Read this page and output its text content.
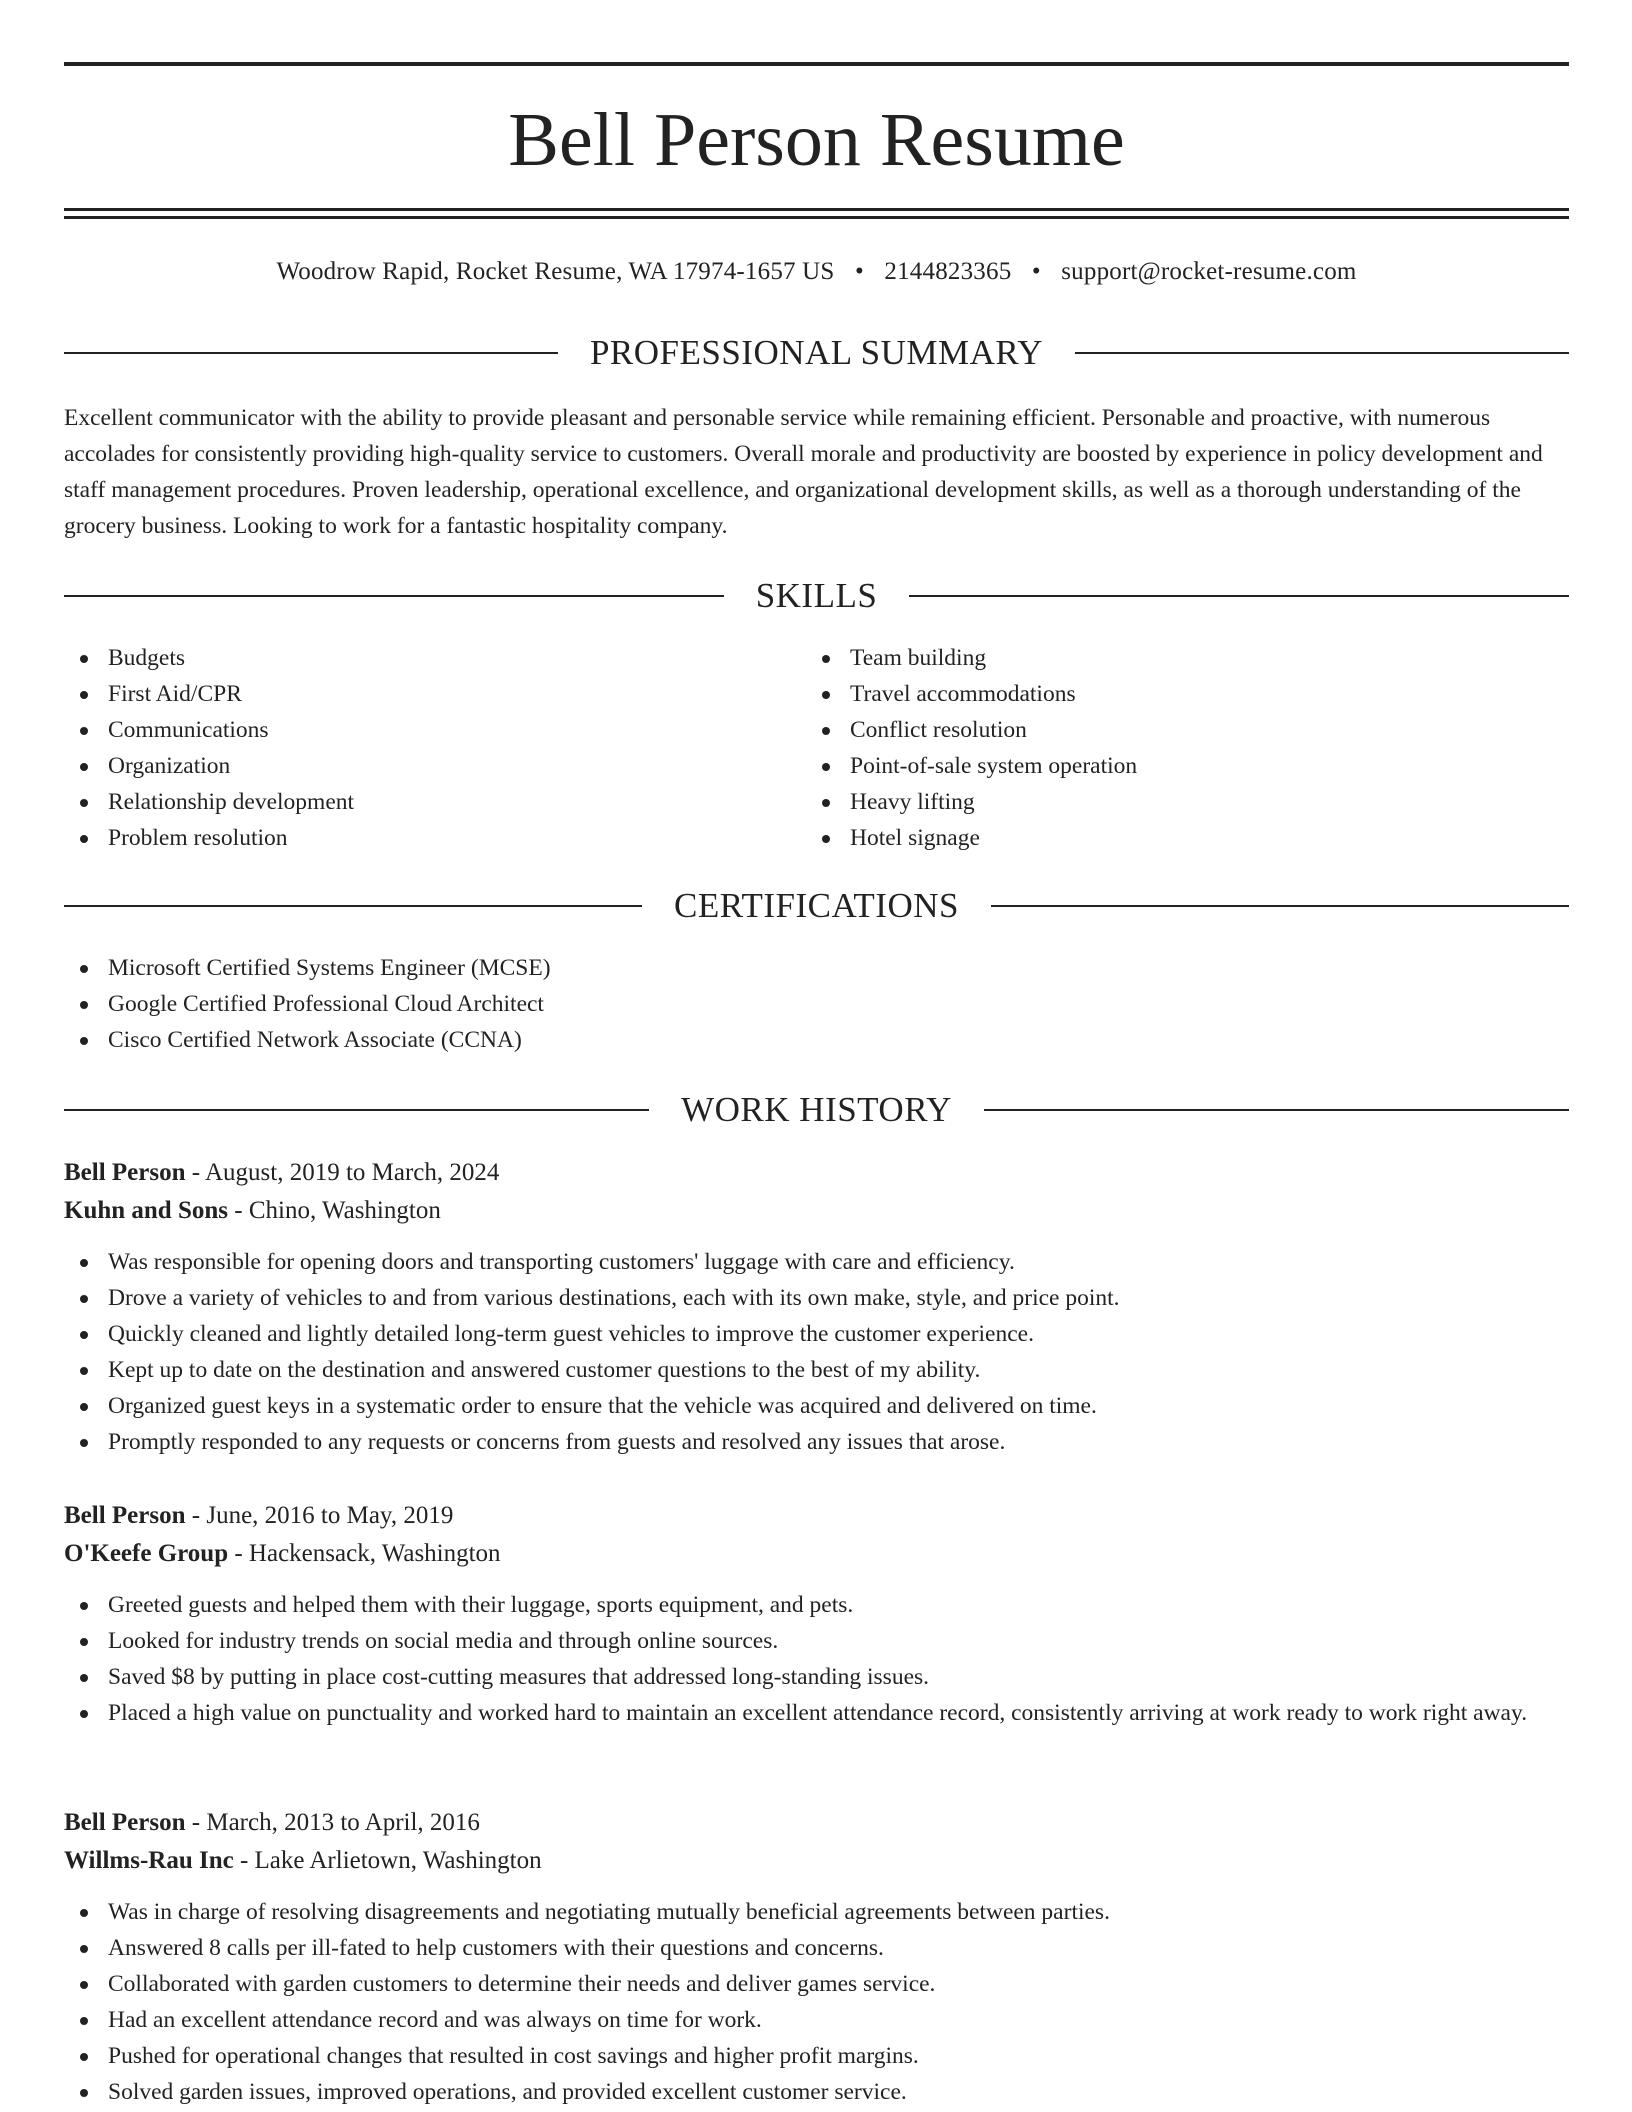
Bell Person Resume
Woodrow Rapid, Rocket Resume, WA 17974-1657 US • 2144823365 • support@rocket-resume.com
PROFESSIONAL SUMMARY

Excellent communicator with the ability to provide pleasant and personable service while remaining efficient. Personable and proactive, with numerous accolades for consistently providing high-quality service to customers. Overall morale and productivity are boosted by experience in policy development and staff management procedures. Proven leadership, operational excellence, and organizational development skills, as well as a thorough understanding of the grocery business. Looking to work for a fantastic hospitality company.

SKILLS
Budgets
First Aid/CPR
Communications
Organization
Relationship development
Problem resolution
Team building
Travel accommodations
Conflict resolution
Point-of-sale system operation
Heavy lifting
Hotel signage
CERTIFICATIONS
Microsoft Certified Systems Engineer (MCSE)
Google Certified Professional Cloud Architect
Cisco Certified Network Associate (CCNA)
WORK HISTORY
Bell Person - August, 2019 to March, 2024
Kuhn and Sons - Chino, Washington
Was responsible for opening doors and transporting customers' luggage with care and efficiency.
Drove a variety of vehicles to and from various destinations, each with its own make, style, and price point.
Quickly cleaned and lightly detailed long-term guest vehicles to improve the customer experience.
Kept up to date on the destination and answered customer questions to the best of my ability.
Organized guest keys in a systematic order to ensure that the vehicle was acquired and delivered on time.
Promptly responded to any requests or concerns from guests and resolved any issues that arose.
Bell Person - June, 2016 to May, 2019
O'Keefe Group - Hackensack, Washington
Greeted guests and helped them with their luggage, sports equipment, and pets.
Looked for industry trends on social media and through online sources.
Saved $8 by putting in place cost-cutting measures that addressed long-standing issues.
Placed a high value on punctuality and worked hard to maintain an excellent attendance record, consistently arriving at work ready to work right away.
Bell Person - March, 2013 to April, 2016
Willms-Rau Inc - Lake Arlietown, Washington
Was in charge of resolving disagreements and negotiating mutually beneficial agreements between parties.
Answered 8 calls per ill-fated to help customers with their questions and concerns.
Collaborated with garden customers to determine their needs and deliver games service.
Had an excellent attendance record and was always on time for work.
Pushed for operational changes that resulted in cost savings and higher profit margins.
Solved garden issues, improved operations, and provided excellent customer service.
